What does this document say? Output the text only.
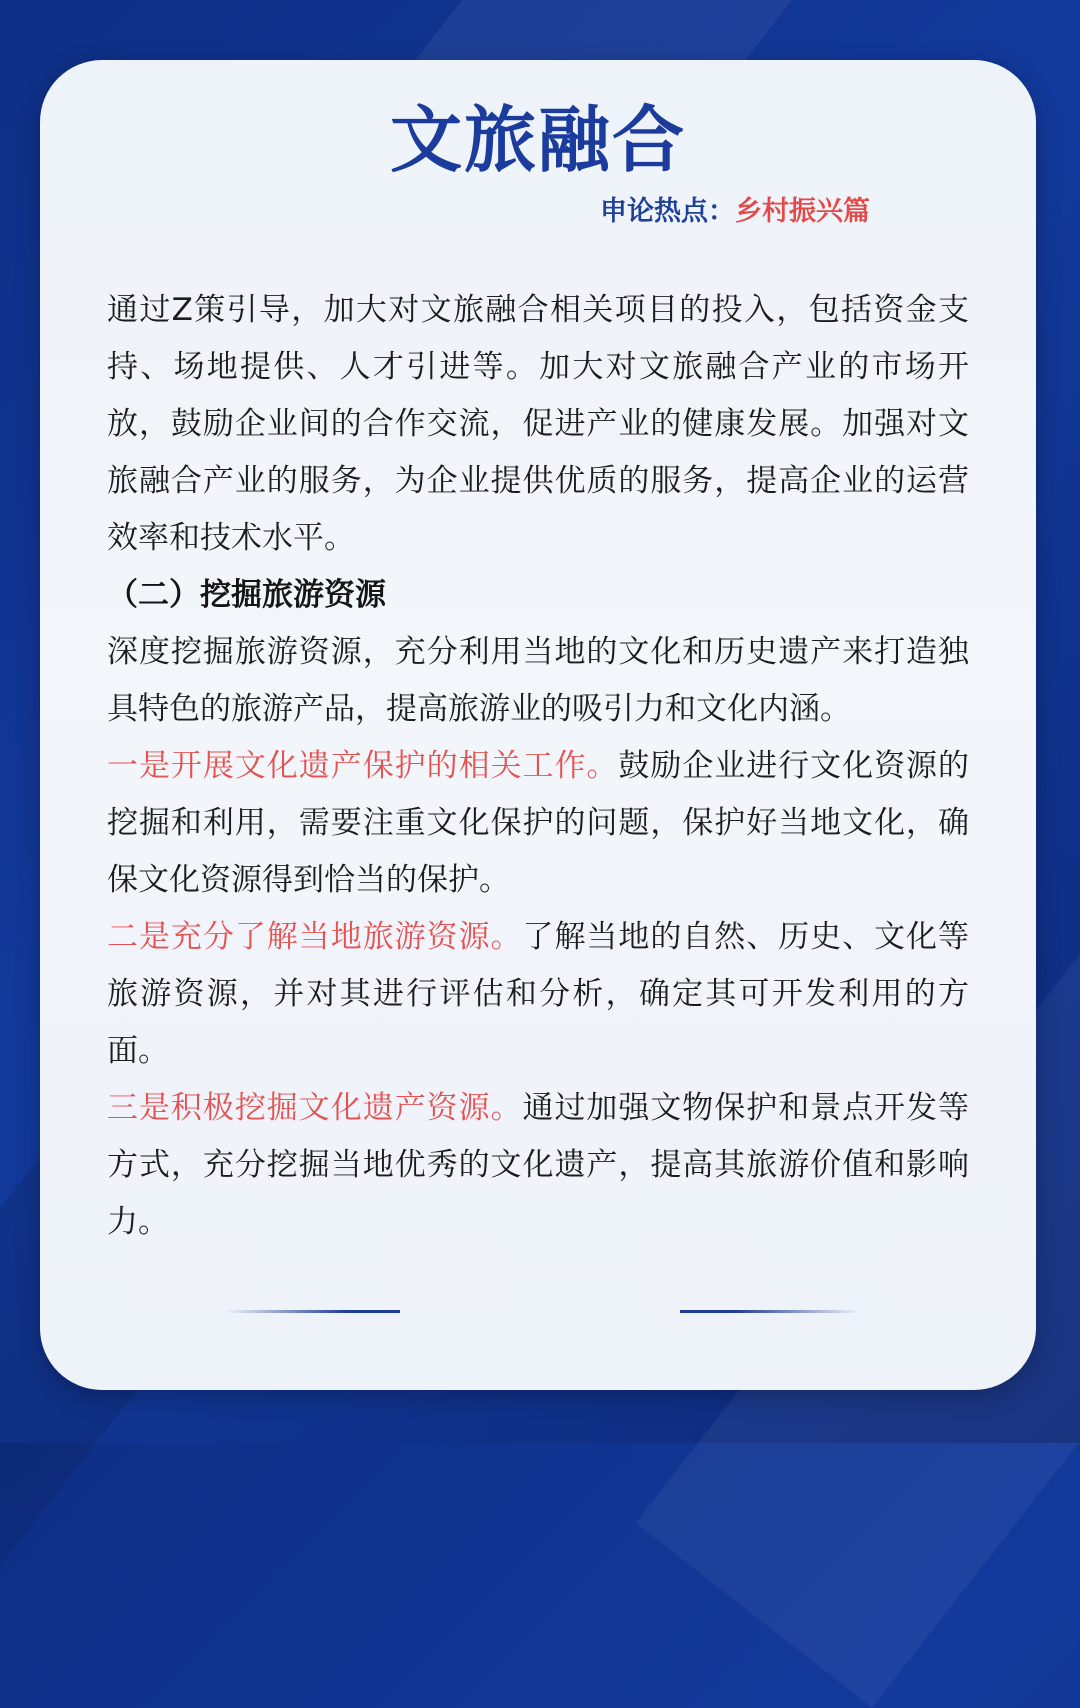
文旅融合
申论热点：乡村振兴篇

通过Z策引导，加大对文旅融合相关项目的投入，包括资金支持、场地提供、人才引进等。加大对文旅融合产业的市场开放，鼓励企业间的合作交流，促进产业的健康发展。加强对文旅融合产业的服务，为企业提供优质的服务，提高企业的运营效率和技术水平。

（二）挖掘旅游资源

深度挖掘旅游资源，充分利用当地的文化和历史遗产来打造独具特色的旅游产品，提高旅游业的吸引力和文化内涵。

一是开展文化遗产保护的相关工作。鼓励企业进行文化资源的挖掘和利用，需要注重文化保护的问题，保护好当地文化，确保文化资源得到恰当的保护。

二是充分了解当地旅游资源。了解当地的自然、历史、文化等旅游资源，并对其进行评估和分析，确定其可开发利用的方面。

三是积极挖掘文化遗产资源。通过加强文物保护和景点开发等方式，充分挖掘当地优秀的文化遗产，提高其旅游价值和影响力。
